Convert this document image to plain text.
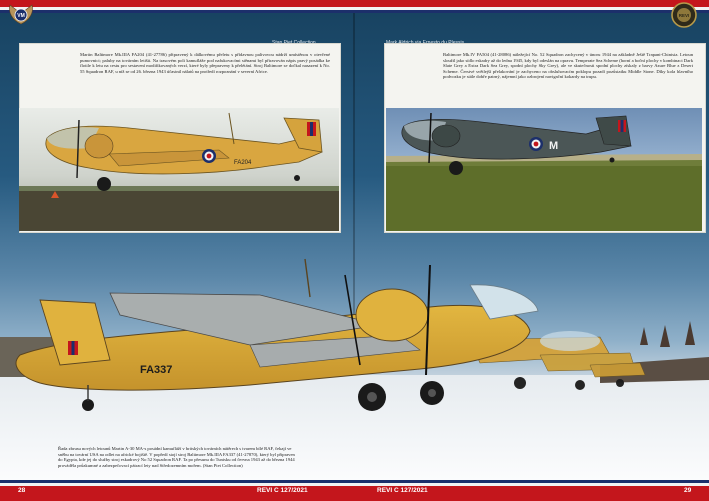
VM	REVI
Martin Baltimore Mk.IIIA FA204 (41-27786) připravený k dálkovému přeletu s přídavnou palivovou nádrží umístěnou v otevřené pumovnici; paluby na továrním letišti. Na trasovém poli kamufláže pod nafukovacími stěnami byl přiravován nápis pravý posádka ke flotile k letu na cestu pro sestavení modifikovaných verzí, které byly přepraveny k přelétání. Stroj Baltimore se dočkal nasazení k No. 55 Squadron RAF, u níž se od 26. března 1943 účastnil nálatů na protředí rozpoznání v severní Africe.
FA204
Baltimore Mk.IV FA504 (41-28086) náležející No. 52 Squadron zachycený v únoru 1944 na základně Ještě Trapani-Chinisia. Letoun sloužil jako sídlo eskadry až do ledna 1945, kdy byl odeslán na opravu. Temperate Sea Scheme (horní a boční plochy v kombinaci Dark Slate Grey a Extra Dark Sea Grey, spodní plochy Sky Grey), ale ve skutečnosti spodní plochy získaly z barvy Azure Blue z Desert Scheme. Čerstvé světlejší přelakování je zachyceno na obsluhovacím poklopu pozadí pozůstatku Middle Stone. Díky kola hlavního podvozku je stále dobře patrný, nájemní jako ozbrojení navigační kokardy na trupu.
M
FA337
Řada zbrusu nových letounů Martin A-30 MA-s posádní kamufláží v britských továrních nátěrech s tvarem bílé RAF, čekají ve sněhu na tovární USA na odlet na africké bojiště. V popředí stojí stroj Baltimore Mk.IIIA FA337 (41-27870), který byl připraven do Egypta, kde jej do služby stroj eskadrový No 52 Squadron RAF. Ta po přesunu do Tunisku od června 1943 až do března 1944 prováděla průzkumné a zabezpečovací pátrací lety nad Středozemním mořem. (Stan Piet Collection)
28	REVI C 127/2021	REVI C 127/2021	29
